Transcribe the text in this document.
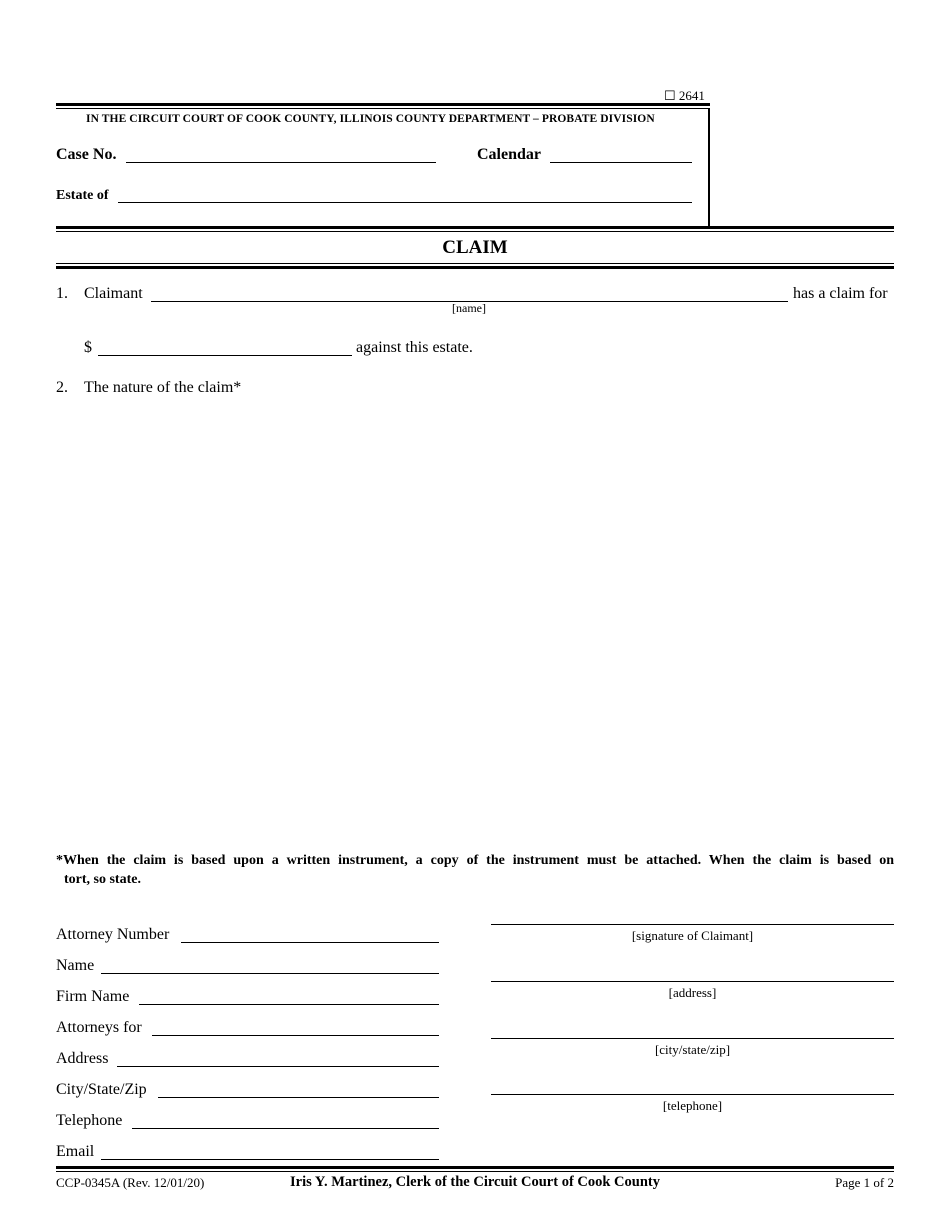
☐ 2641
IN THE CIRCUIT COURT OF COOK COUNTY, ILLINOIS COUNTY DEPARTMENT – PROBATE DIVISION
Case No.	Calendar
Estate of
CLAIM
1. Claimant	has a claim for
[name]
$	against this estate.
2. The nature of the claim*
*When the claim is based upon a written instrument, a copy of the instrument must be attached. When the claim is based on
tort, so state.
Attorney Number
Name
Firm Name
Attorneys for
Address
City/State/Zip
Telephone
Email
[signature of Claimant]
[address]
[city/state/zip]
[telephone]
CCP-0345A (Rev. 12/01/20)	Iris Y. Martinez, Clerk of the Circuit Court of Cook County	Page 1 of 2
